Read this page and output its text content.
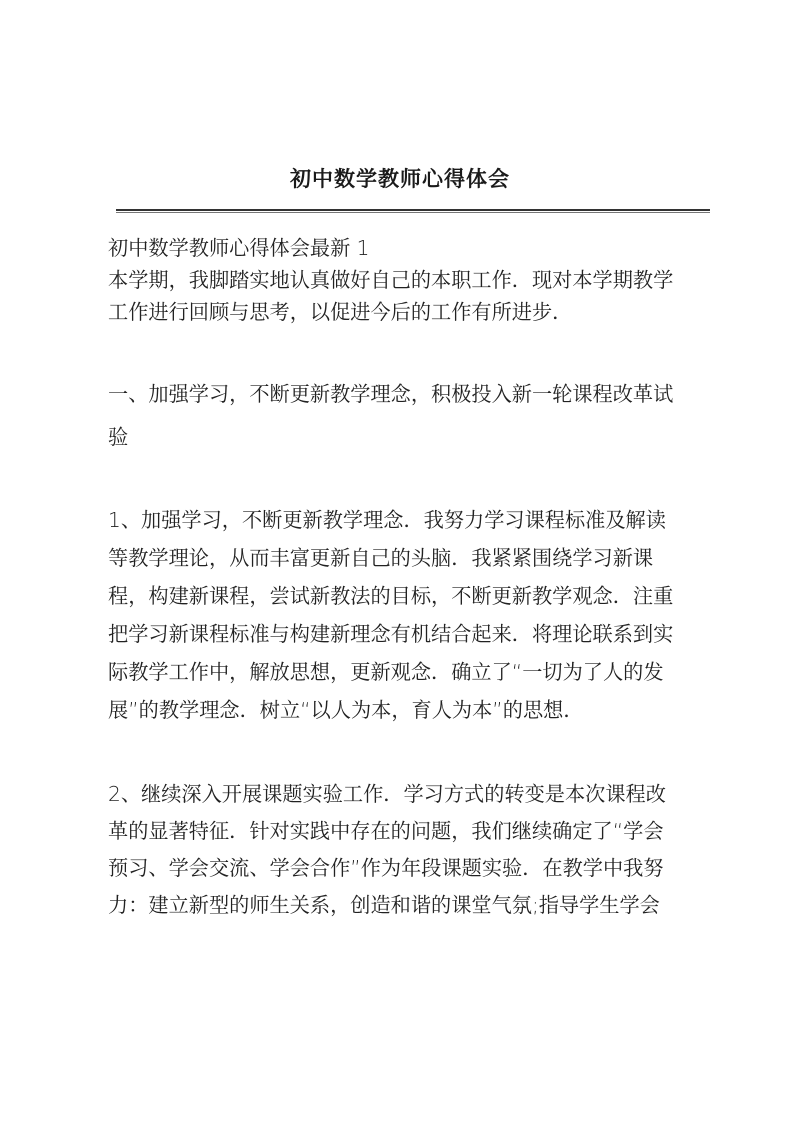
初中数学教师心得体会
初中数学教师心得体会最新 1
本学期，我脚踏实地认真做好自己的本职工作．现对本学期教学
工作进行回顾与思考，以促进今后的工作有所进步．
一、加强学习，不断更新教学理念，积极投入新一轮课程改革试
验
1、加强学习，不断更新教学理念．我努力学习课程标准及解读
等教学理论，从而丰富更新自己的头脑．我紧紧围绕学习新课
程，构建新课程，尝试新教法的目标，不断更新教学观念．注重
把学习新课程标准与构建新理念有机结合起来．将理论联系到实
际教学工作中，解放思想，更新观念．确立了“一切为了人的发
展”的教学理念．树立“以人为本，育人为本”的思想．
2、继续深入开展课题实验工作．学习方式的转变是本次课程改
革的显著特征．针对实践中存在的问题，我们继续确定了“学会
预习、学会交流、学会合作”作为年段课题实验．在教学中我努
力：建立新型的师生关系，创造和谐的课堂气氛;指导学生学会
